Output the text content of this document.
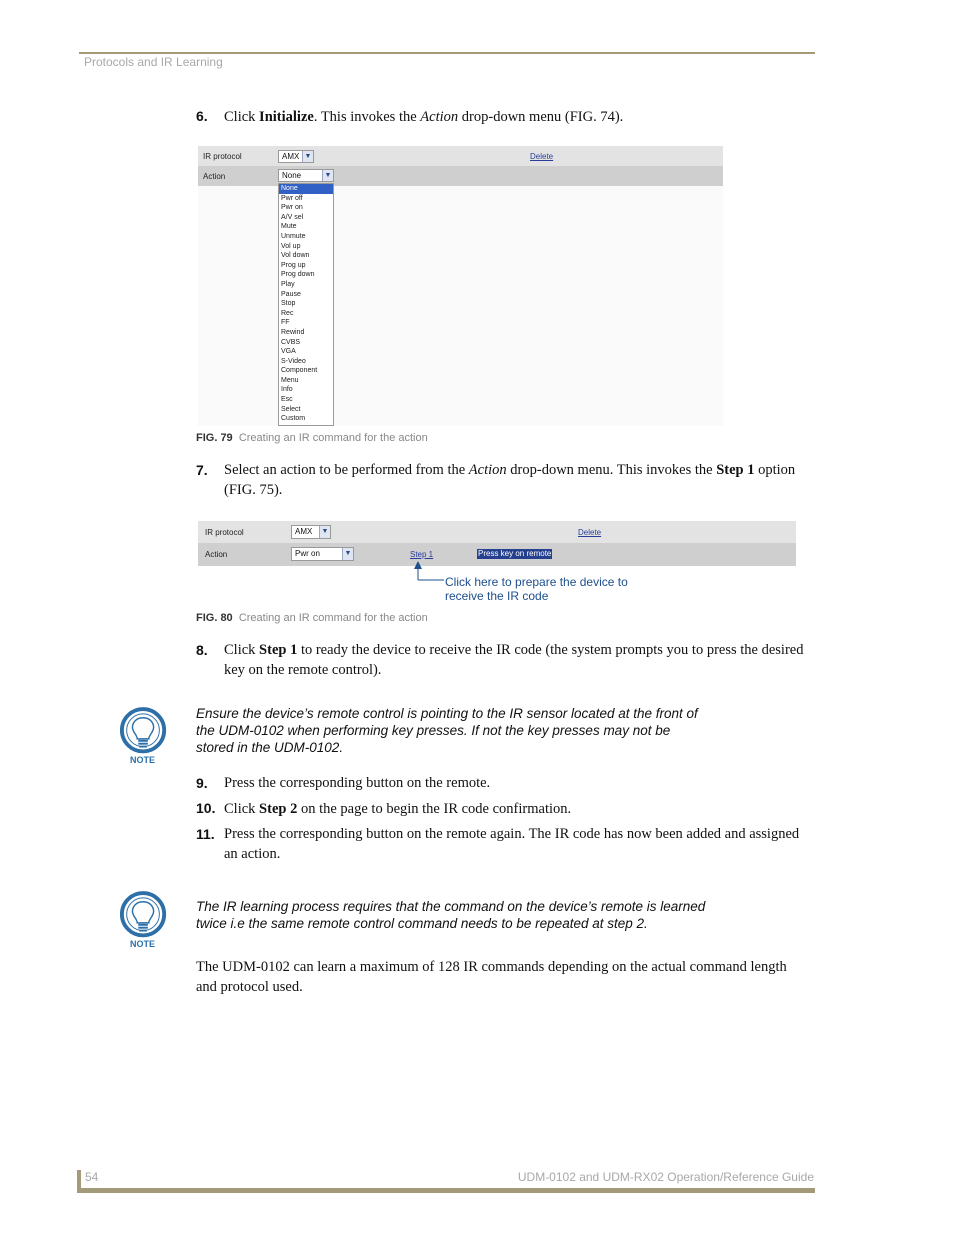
Protocols and IR Learning
6. Click Initialize. This invokes the Action drop-down menu (FIG. 74).
IR protocol	AMX ▼	Delete
Action	None	▼
None
Pwr off
Pwr on
A/V sel
Mute
Unmute
Vol up
Vol down
Prog up
Prog down
Play
Pause
Stop
Rec
FF
Rewind
CVBS
VGA
S-Video
Component
Menu
Info
Esc
Select
Custom
FIG. 79 Creating an IR command for the action
7. Select an action to be performed from the Action drop-down menu. This invokes the Step 1 option
(FIG. 75).
IR protocol	AMX	▼	Delete
Action	Pwr on	▼	Step 1	Press key on remote
Click here to prepare the device to
receive the IR code
FIG. 80 Creating an IR command for the action
8. Click Step 1 to ready the device to receive the IR code (the system prompts you to press the desired
key on the remote control).
NOTE
Ensure the device’s remote control is pointing to the IR sensor located at the front of
the UDM-0102 when performing key presses. If not the key presses may not be
stored in the UDM-0102.
9. Press the corresponding button on the remote.
10. Click Step 2 on the page to begin the IR code confirmation.
11. Press the corresponding button on the remote again. The IR code has now been added and assigned
an action.
NOTE
The IR learning process requires that the command on the device’s remote is learned
twice i.e the same remote control command needs to be repeated at step 2.
The UDM-0102 can learn a maximum of 128 IR commands depending on the actual command length
and protocol used.
54	UDM-0102 and UDM-RX02 Operation/Reference Guide
